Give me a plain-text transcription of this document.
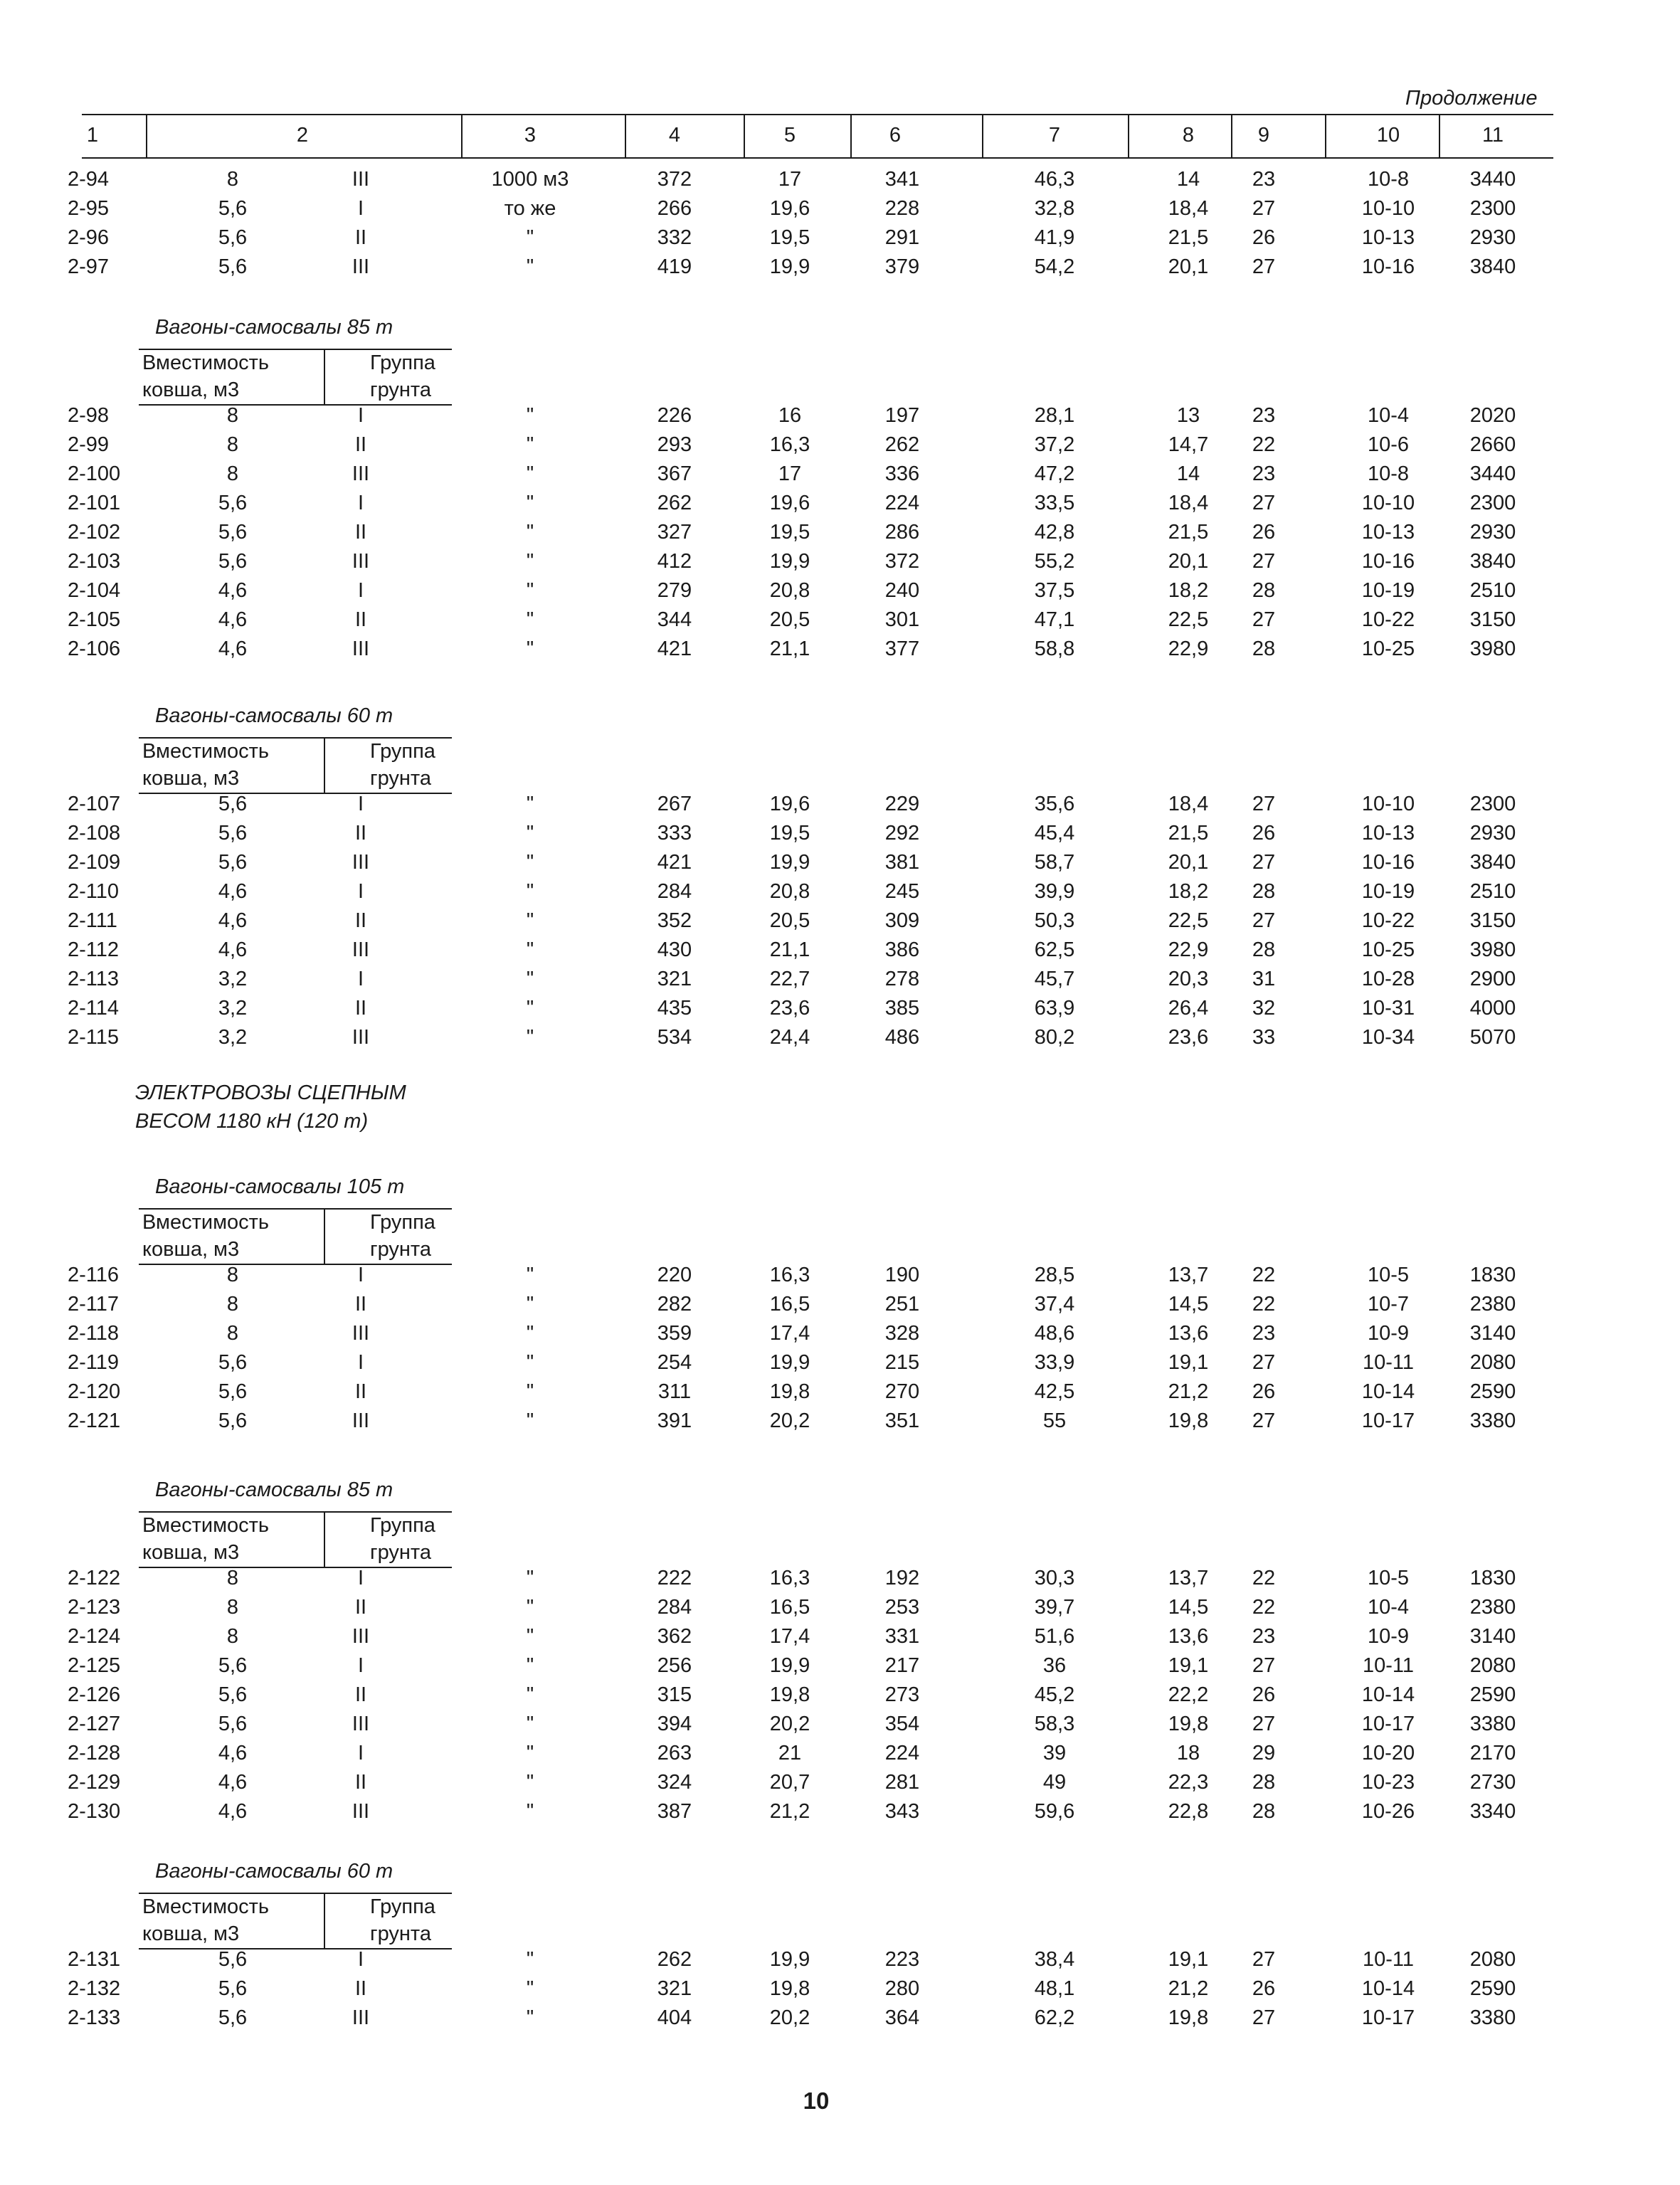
Продолжение
1	2	3	4	5	6	7	8	9	10	11
2-94	8	III	1000 м3	372	17	341	46,3	14	23	10-8	3440
2-95	5,6	I	то же	266	19,6	228	32,8	18,4 27	10-10	2300
2-96	5,6	II	"	332	19,5	291	41,9	21,5 26	10-13	2930
2-97	5,6	III	"	419	19,9	379	54,2	20,1 27	10-16	3840
Вагоны-самосвалы 85 т
Вместимость
ковша, м3
Группа
грунта
2-98	8	I	"	226	16	197	28,1	13	23	10-4	2020
2-99	8	II	"	293	16,3	262	37,2	14,7 22	10-6	2660
2-100	8	III	"	367	17	336	47,2	14	23	10-8	3440
2-101	5,6	I	"	262	19,6	224	33,5	18,4 27	10-10	2300
2-102	5,6	II	"	327	19,5	286	42,8	21,5 26	10-13	2930
2-103	5,6	III	"	412	19,9	372	55,2	20,1 27	10-16	3840
2-104	4,6	I	"	279	20,8	240	37,5	18,2 28	10-19	2510
2-105	4,6	II	"	344	20,5	301	47,1	22,5 27	10-22	3150
2-106	4,6	III	"	421	21,1	377	58,8	22,9 28	10-25	3980
Вагоны-самосвалы 60 т
Вместимость
ковша, м3
Группа
грунта
2-107	5,6	I	"	267	19,6	229	35,6	18,4 27	10-10	2300
2-108	5,6	II	"	333	19,5	292	45,4	21,5 26	10-13	2930
2-109	5,6	III	"	421	19,9	381	58,7	20,1 27	10-16	3840
2-110	4,6	I	"	284	20,8	245	39,9	18,2 28	10-19	2510
2-111	4,6	II	"	352	20,5	309	50,3	22,5 27	10-22	3150
2-112	4,6	III	"	430	21,1	386	62,5	22,9 28	10-25	3980
2-113	3,2	I	"	321	22,7	278	45,7	20,3 31	10-28	2900
2-114	3,2	II	"	435	23,6	385	63,9	26,4 32	10-31	4000
2-115	3,2	III	"	534	24,4	486	80,2	23,6 33	10-34	5070
Вагоны-самосвалы 105 т
Вместимость
ковша, м3
Группа
грунта
2-116	8	I	"	220	16,3	190	28,5	13,7 22	10-5	1830
2-117	8	II	"	282	16,5	251	37,4	14,5 22	10-7	2380
2-118	8	III	"	359	17,4	328	48,6	13,6 23	10-9	3140
2-119	5,6	I	"	254	19,9	215	33,9	19,1 27	10-11	2080
2-120	5,6	II	"	311	19,8	270	42,5	21,2 26	10-14	2590
2-121	5,6	III	"	391	20,2	351	55	19,8 27	10-17	3380
Вагоны-самосвалы 85 т
Вместимость
ковша, м3
Группа
грунта
2-122	8	I	"	222	16,3	192	30,3	13,7 22	10-5	1830
2-123	8	II	"	284	16,5	253	39,7	14,5 22	10-4	2380
2-124	8	III	"	362	17,4	331	51,6	13,6 23	10-9	3140
2-125	5,6	I	"	256	19,9	217	36	19,1 27	10-11	2080
2-126	5,6	II	"	315	19,8	273	45,2	22,2 26	10-14	2590
2-127	5,6	III	"	394	20,2	354	58,3	19,8 27	10-17	3380
2-128	4,6	I	"	263	21	224	39	18	29	10-20	2170
2-129	4,6	II	"	324	20,7	281	49	22,3 28	10-23	2730
2-130	4,6	III	"	387	21,2	343	59,6	22,8 28	10-26	3340
Вагоны-самосвалы 60 т
Вместимость
ковша, м3
Группа
грунта
2-131	5,6	I	"	262	19,9	223	38,4	19,1 27	10-11	2080
2-132	5,6	II	"	321	19,8	280	48,1	21,2 26	10-14	2590
2-133	5,6	III	"	404	20,2	364	62,2	19,8 27	10-17	3380
ЭЛЕКТРОВОЗЫ СЦЕПНЫМ
ВЕСОМ 1180 кН (120 т)
10
